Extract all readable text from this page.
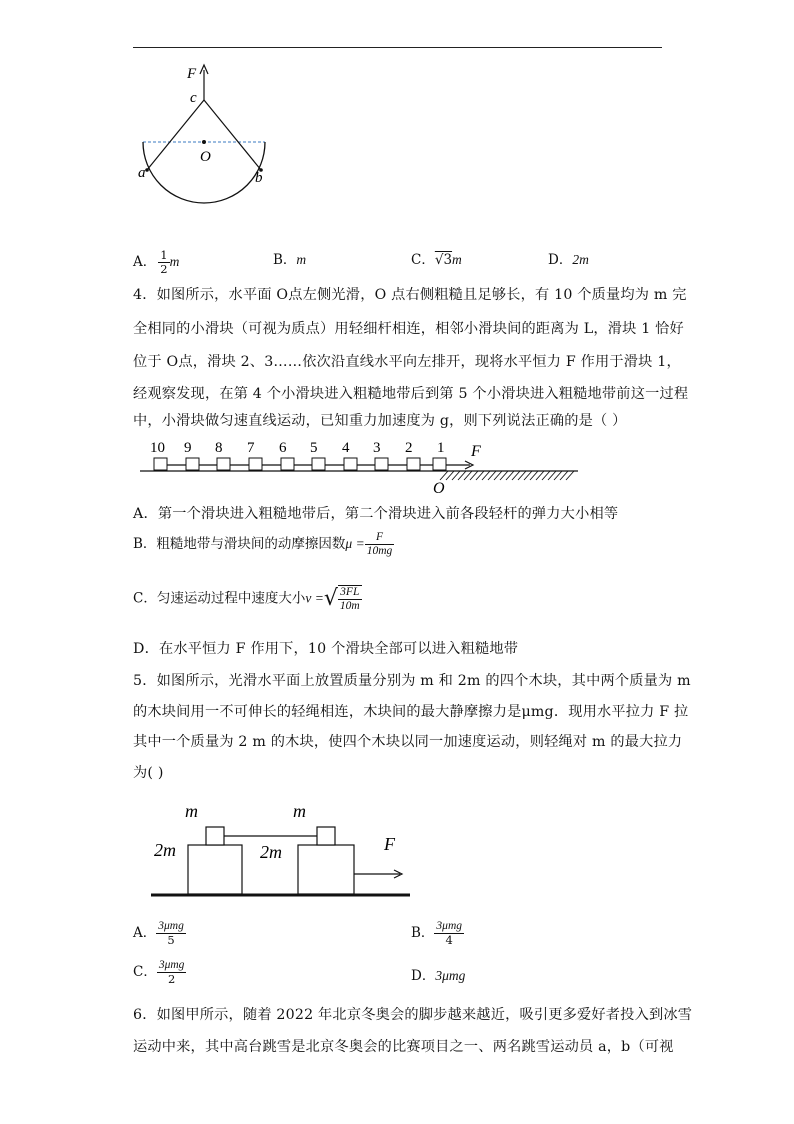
F
c
O
a	b
A． $\frac{1}{2}$ m	B．m	C．√3m	D．2m
4．如图所示，水平面 O点左侧光滑，O 点右侧粗糙且足够长，有 10 个质量均为 m 完
全相同的小滑块（可视为质点）用轻细杆相连，相邻小滑块间的距离为 L，滑块 1 恰好
位于 O点，滑块 2、3……依次沿直线水平向左排开，现将水平恒力 F 作用于滑块 1，
经观察发现，在第 4 个小滑块进入粗糙地带后到第 5 个小滑块进入粗糙地带前这一过程
中，小滑块做匀速直线运动，已知重力加速度为 g，则下列说法正确的是（ ）
10 9 8 7 6 5 4 3 2 1 F
O
A．第一个滑块进入粗糙地带后，第二个滑块进入前各段轻杆的弹力大小相等
B．粗糙地带与滑块间的动摩擦因数$\mu = \frac{F}{10mg}$
C．匀速运动过程中速度大小v =√ $\frac{3FL}{10m}$
D．在水平恒力 F 作用下，10 个滑块全部可以进入粗糙地带
5．如图所示，光滑水平面上放置质量分别为 m 和 2m 的四个木块，其中两个质量为 m
的木块间用一不可伸长的轻绳相连，木块间的最大静摩擦力是μmg．现用水平拉力 F 拉
其中一个质量为 2 m 的木块，使四个木块以同一加速度运动，则轻绳对 m 的最大拉力
为( )
m	m
2m	2m	F
A． $\frac{\text{3μmg}}{5}$	B． $\frac{\text{3μmg}}{4}$
C． $\frac{\text{3μmg}}{2}$	D．3μmg
6．如图甲所示，随着 2022 年北京冬奥会的脚步越来越近，吸引更多爱好者投入到冰雪
运动中来，其中高台跳雪是北京冬奥会的比赛项目之一、两名跳雪运动员 a，b（可视
